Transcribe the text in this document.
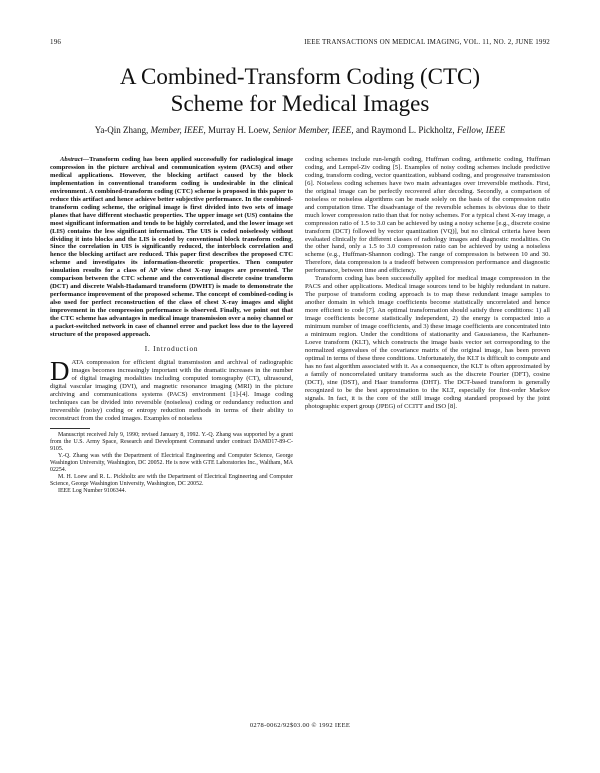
196	IEEE TRANSACTIONS ON MEDICAL IMAGING, VOL. 11, NO. 2, JUNE 1992
A Combined-Transform Coding (CTC)
Scheme for Medical Images
Ya-Qin Zhang, Member, IEEE, Murray H. Loew, Senior Member, IEEE, and Raymond L. Pickholtz, Fellow, IEEE

Abstract—Transform coding has been applied successfully for radiological image compression in the picture archival and communication system (PACS) and other medical applications. However, the blocking artifact caused by the block implementation in conventional transform coding is undesirable in the clinical environment. A combined-transform coding (CTC) scheme is proposed in this paper to reduce this artifact and hence achieve better subjective performance. In the combined-transform coding scheme, the original image is first divided into two sets of image planes that have different stochastic properties. The upper image set (US) contains the most significant information and tends to be highly correlated, and the lower image set (LIS) contains the less significant information. The UIS is coded noiselessly without dividing it into blocks and the LIS is coded by conventional block transform coding. Since the correlation in UIS is significantly reduced, the interblock correlation and hence the blocking artifact are reduced. This paper first describes the proposed CTC scheme and investigates its information-theoretic properties. Then computer simulation results for a class of AP view chest X-ray images are presented. The comparison between the CTC scheme and the conventional discrete cosine transform (DCT) and discrete Walsh-Hadamard transform (DWHT) is made to demonstrate the performance improvement of the proposed scheme. The concept of combined-coding is also used for perfect reconstruction of the class of chest X-ray images and slight improvement in the compression performance is observed. Finally, we point out that the CTC scheme has advantages in medical image transmission over a noisy channel or a packet-switched network in case of channel error and packet loss due to the layered structure of the proposed approach.

I. Introduction

DATA compression for efficient digital transmission and archival of radiographic images becomes increasingly important with the dramatic increases in the number of digital imaging modalities including computed tomography (CT), ultrasound, digital vascular imaging (DVI), and magnetic resonance imaging (MRI) in the picture archiving and communications systems (PACS) environment [1]-[4]. Image coding techniques can be divided into reversible (noiseless) coding or redundancy reduction and irreversible (noisy) coding or entropy reduction methods in terms of their ability to reconstruct from the coded images. Examples of noiseless

Manuscript received July 9, 1990; revised January 8, 1992. Y.-Q. Zhang was supported by a grant from the U.S. Army Space, Research and Development Command under contract DAMD17-89-C-9105.

Y.-Q. Zhang was with the Department of Electrical Engineering and Computer Science, George Washington University, Washington, DC 20052. He is now with GTE Laboratories Inc., Waltham, MA 02254.

M. H. Loew and R. L. Pickholtz are with the Department of Electrical Engineering and Computer Science, George Washington University, Washington, DC 20052.

IEEE Log Number 9106344.

coding schemes include run-length coding, Huffman coding, arithmetic coding, Huffman coding, and Lempel-Ziv coding [5]. Examples of noisy coding schemes include predictive coding, transform coding, vector quantization, subband coding, and progressive transmission [6]. Noiseless coding schemes have two main advantages over irreversible methods. First, the original image can be perfectly recovered after decoding. Secondly, a comparison of noiseless or noiseless algorithms can be made solely on the basis of the compression ratio and computation time. The disadvantage of the reversible schemes is obvious due to their much lower compression ratio than that for noisy schemes. For a typical chest X-ray image, a compression ratio of 1.5 to 3.0 can be achieved by using a noisy scheme [e.g., discrete cosine transform (DCT) followed by vector quantization (VQ)], but no clinical criteria have been evaluated clinically for different classes of radiology images and diagnostic modalities. On the other hand, only a 1.5 to 3.0 compression ratio can be achieved by using a noiseless scheme (e.g., Huffman-Shannon coding). The range of compression is between 10 and 30. Therefore, data compression is a tradeoff between compression performance and diagnostic performance, between time and efficiency.

Transform coding has been successfully applied for medical image compression in the PACS and other applications. Medical image sources tend to be highly redundant in nature. The purpose of transform coding approach is to map these redundant image samples to another domain in which image coefficients become statistically uncorrelated and hence more efficient to code [7]. An optimal transformation should satisfy three conditions: 1) all image coefficients become statistically independent, 2) the energy is compacted into a minimum number of image coefficients, and 3) these image coefficients are concentrated into a minimum region. Under the conditions of stationarity and Gaussianess, the Karhunen-Loeve transform (KLT), which constructs the image basis vector set corresponding to the normalized eigenvalues of the covariance matrix of the original image, has been proven optimal in terms of these three conditions. Unfortunately, the KLT is difficult to compute and has no fast algorithm associated with it. As a consequence, the KLT is often approximated by a family of noncorrelated unitary transforms such as the discrete Fourier (DFT), cosine (DCT), sine (DST), and Haar transforms (DHT). The DCT-based transform is generally recognized to be the best approximation to the KLT, especially for first-order Markov signals. In fact, it is the core of the still image coding standard proposed by the joint photographic expert group (JPEG) of CCITT and ISO [8].

0278-0062/92$03.00 © 1992 IEEE
